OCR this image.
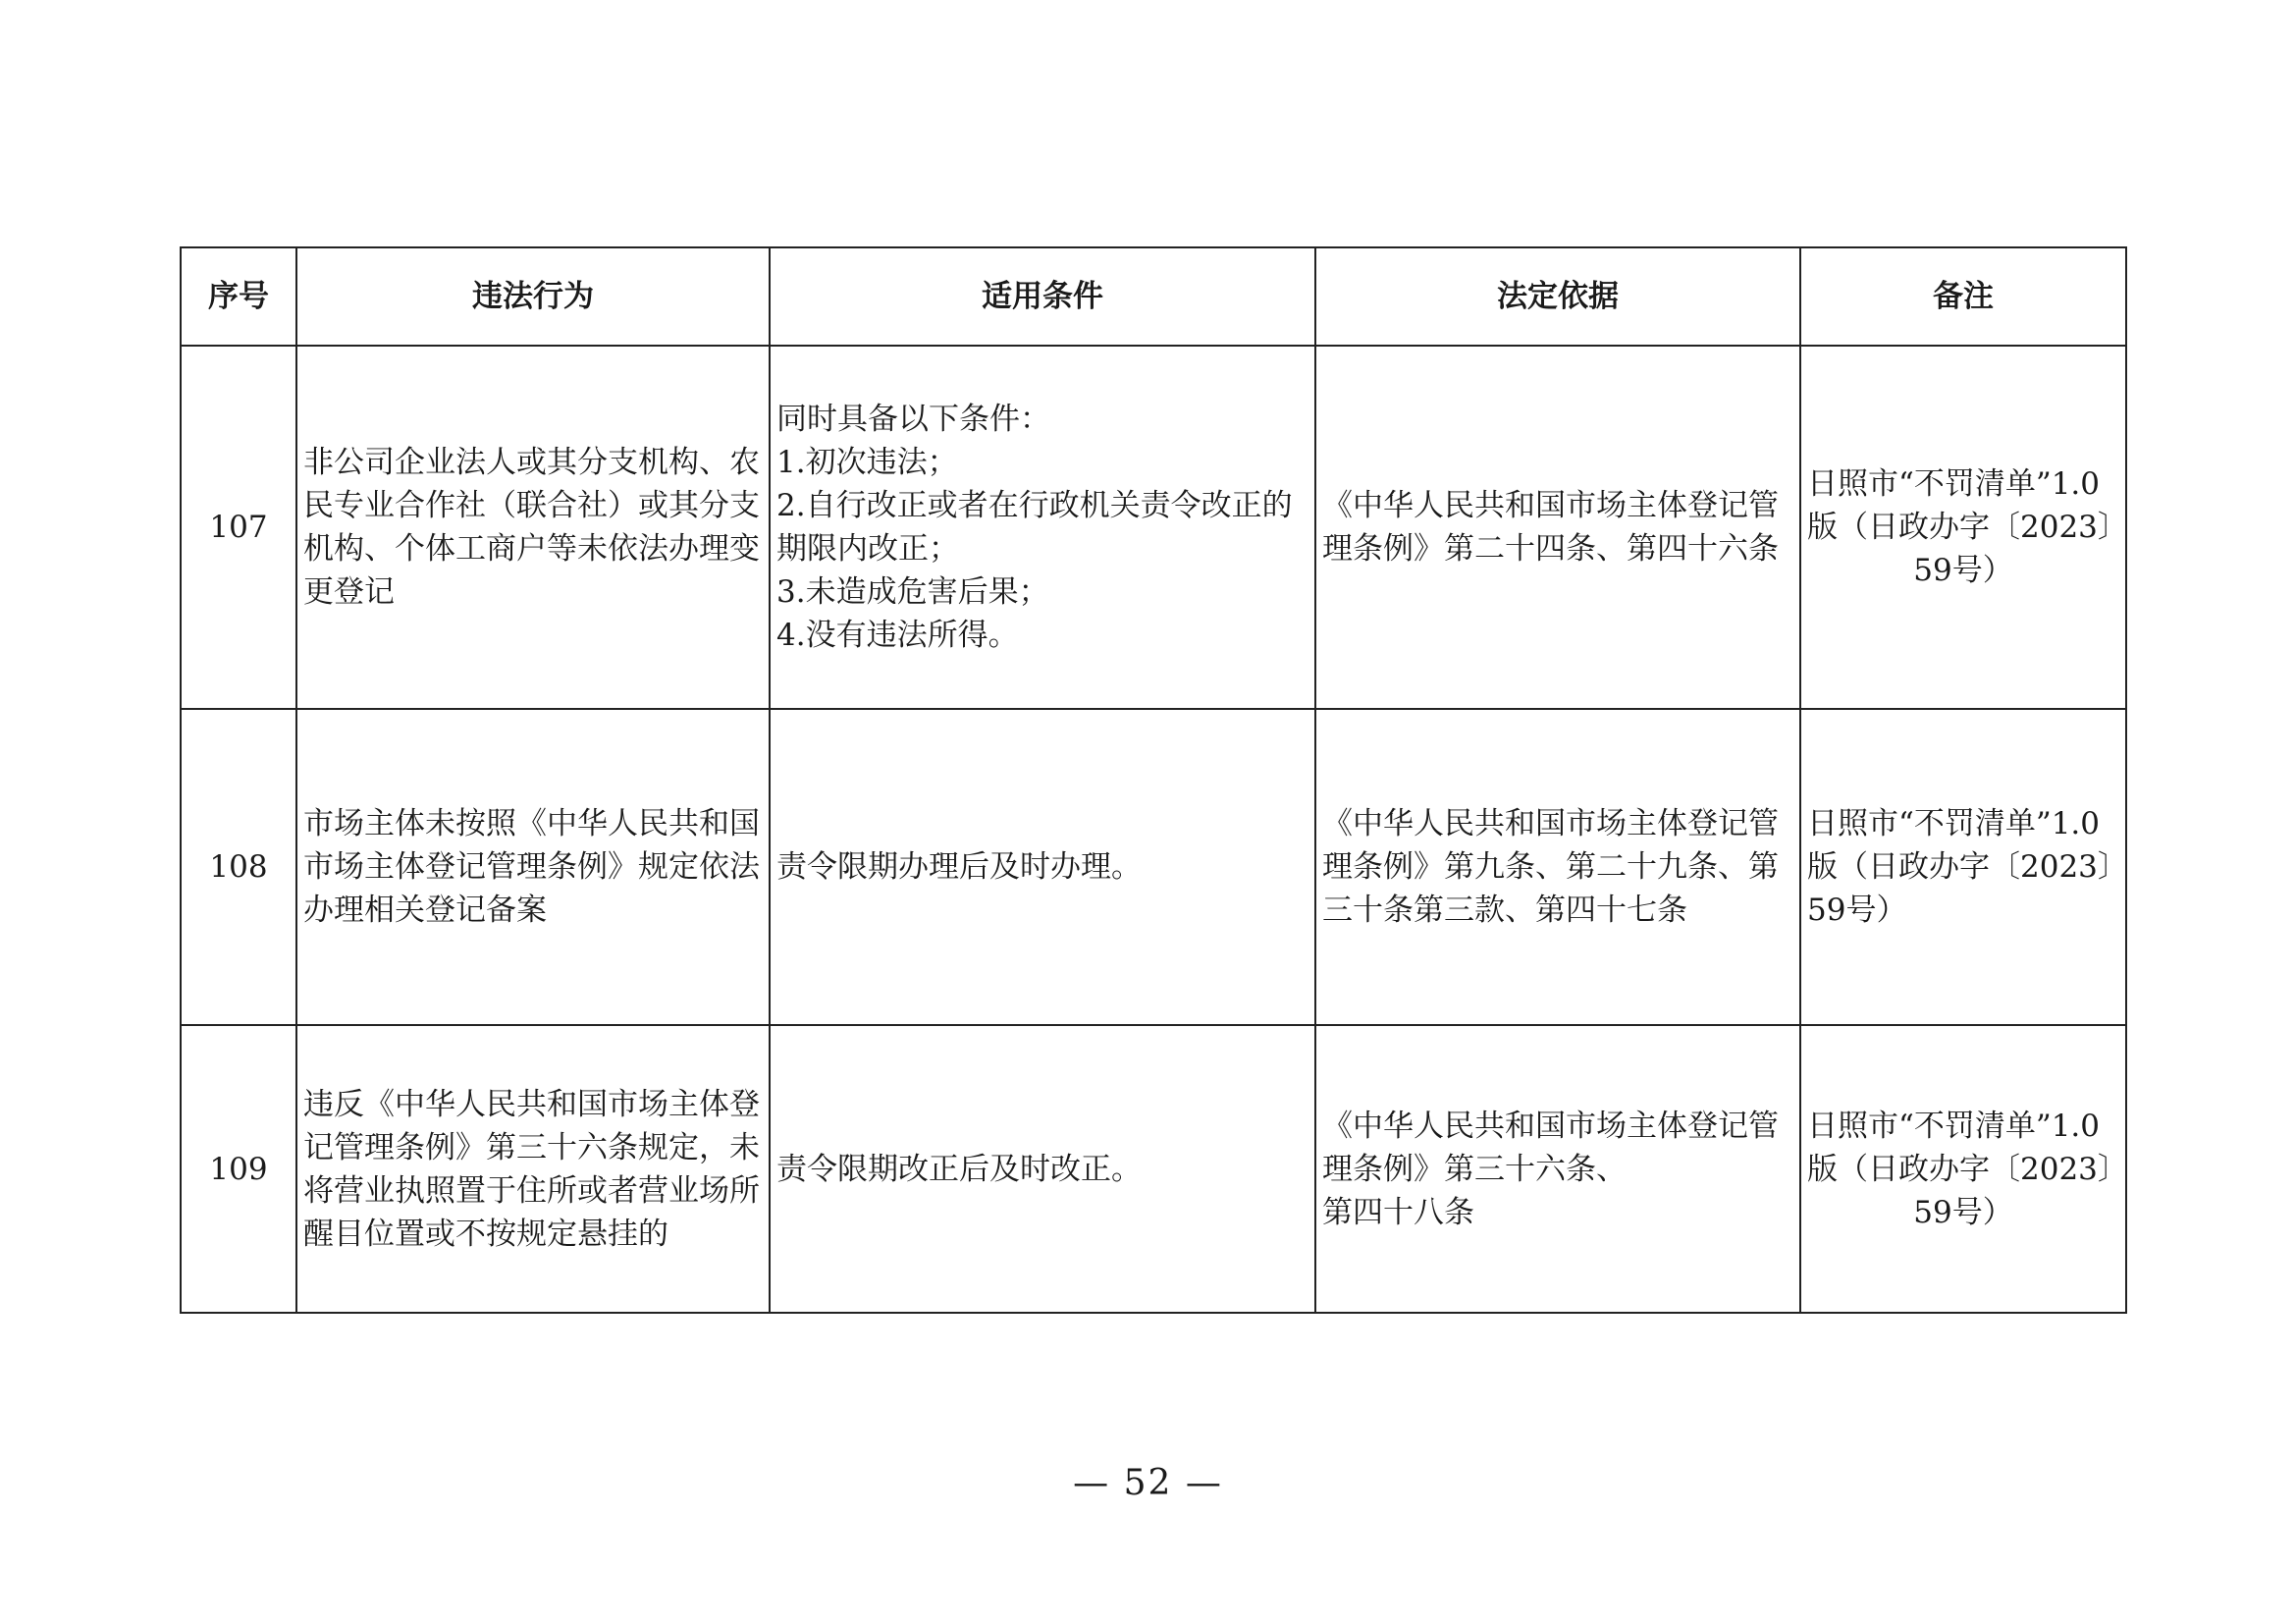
序号	违法行为	适用条件	法定依据	备注
107	非公司企业法人或其分支机构、农民专业合作社（联合社）或其分支机构、个体工商户等未依法办理变更登记	同时具备以下条件：
1.初次违法；
2.自行改正或者在行政机关责令改正的期限内改正；
3.未造成危害后果；
4.没有违法所得。	《中华人民共和国市场主体登记管理条例》第二十四条、第四十六条	日照市“不罚清单”1.0
版（日政办字〔2023〕
59号）

108	市场主体未按照《中华人民共和国市场主体登记管理条例》规定依法办理相关登记备案	责令限期办理后及时办理。	《中华人民共和国市场主体登记管理条例》第九条、第二十九条、第三十条第三款、第四十七条	日照市“不罚清单”1.0
版（日政办字〔2023〕
59号）

109	违反《中华人民共和国市场主体登记管理条例》第三十六条规定，未将营业执照置于住所或者营业场所醒目位置或不按规定悬挂的	责令限期改正后及时改正。	《中华人民共和国市场主体登记管理条例》第三十六条、
第四十八条	日照市“不罚清单”1.0
版（日政办字〔2023〕
59号）
— 52 —
